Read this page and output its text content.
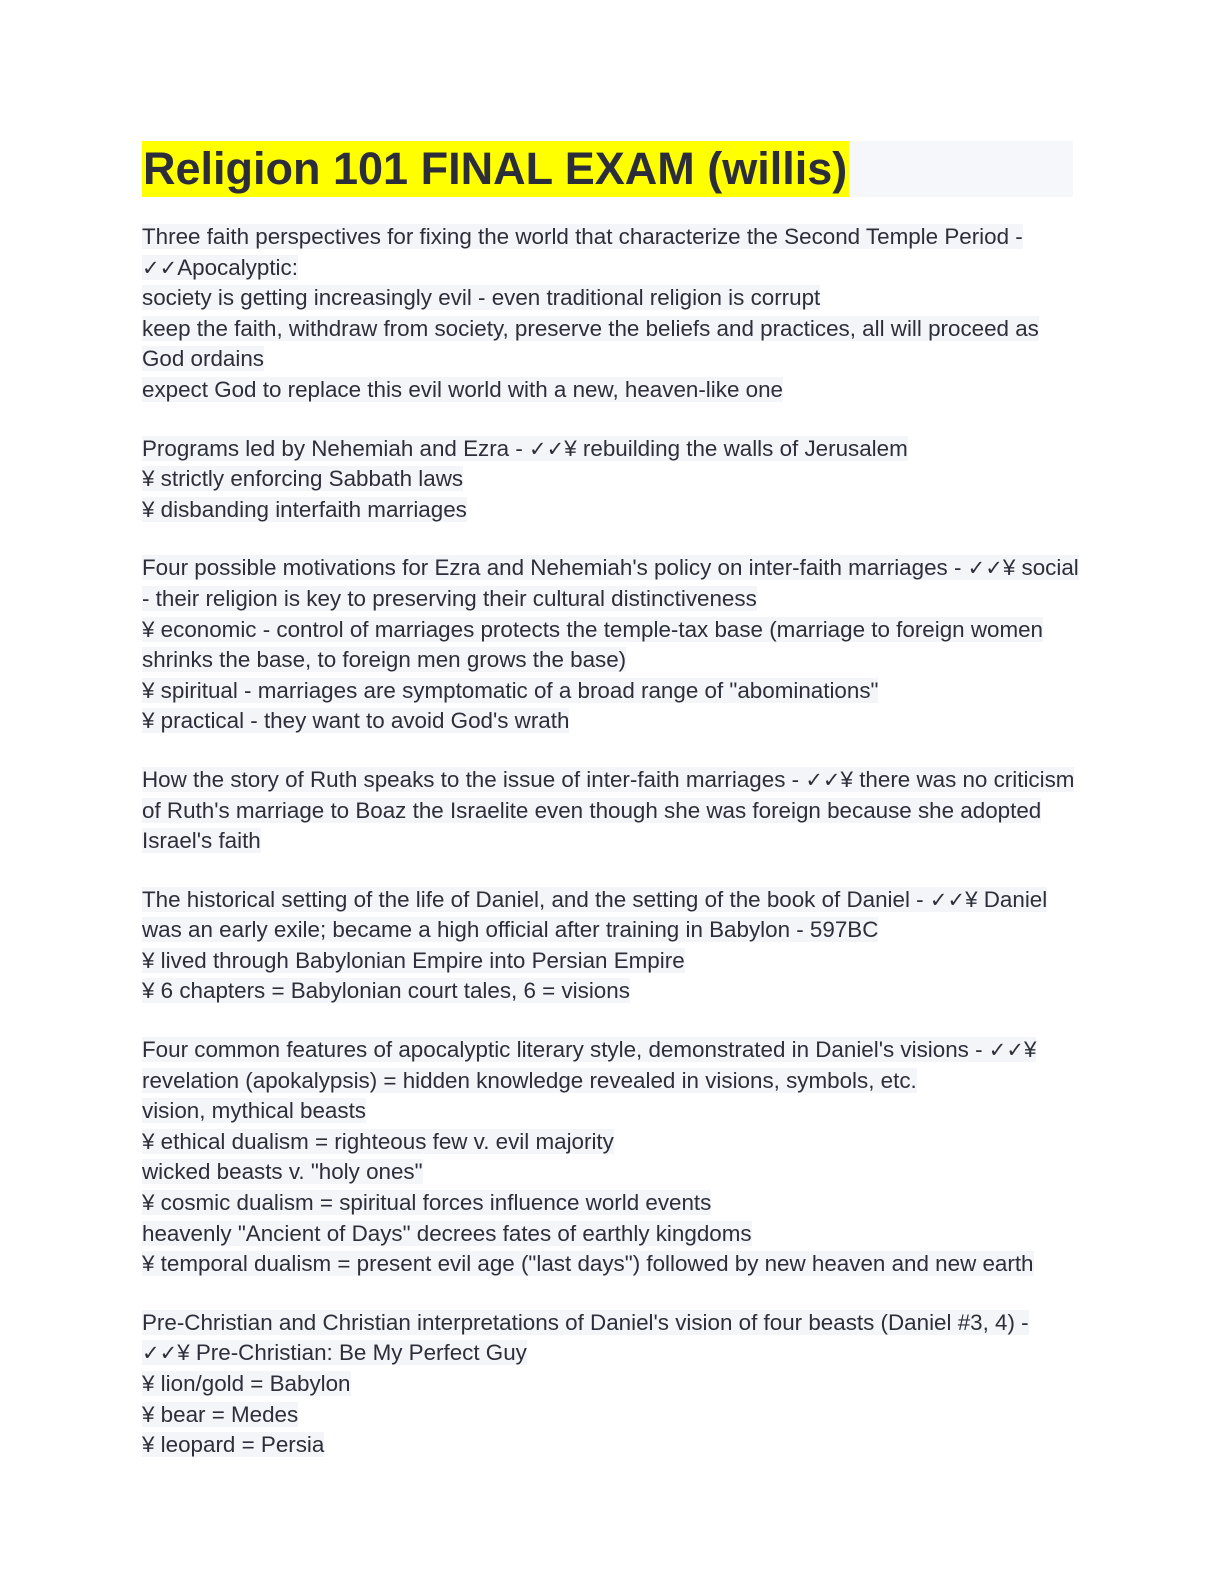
Religion 101 FINAL EXAM (willis)
Three faith perspectives for fixing the world that characterize the Second Temple Period - ✓✓Apocalyptic:
society is getting increasingly evil - even traditional religion is corrupt
keep the faith, withdraw from society, preserve the beliefs and practices, all will proceed as God ordains
expect God to replace this evil world with a new, heaven-like one
Programs led by Nehemiah and Ezra - ✓✓¥ rebuilding the walls of Jerusalem
¥ strictly enforcing Sabbath laws
¥ disbanding interfaith marriages
Four possible motivations for Ezra and Nehemiah's policy on inter-faith marriages - ✓✓¥ social - their religion is key to preserving their cultural distinctiveness
¥ economic - control of marriages protects the temple-tax base (marriage to foreign women shrinks the base, to foreign men grows the base)
¥ spiritual - marriages are symptomatic of a broad range of "abominations"
¥ practical - they want to avoid God's wrath
How the story of Ruth speaks to the issue of inter-faith marriages - ✓✓¥ there was no criticism of Ruth's marriage to Boaz the Israelite even though she was foreign because she adopted Israel's faith
The historical setting of the life of Daniel, and the setting of the book of Daniel - ✓✓¥ Daniel was an early exile; became a high official after training in Babylon - 597BC
¥ lived through Babylonian Empire into Persian Empire
¥ 6 chapters = Babylonian court tales, 6 = visions
Four common features of apocalyptic literary style, demonstrated in Daniel's visions - ✓✓¥ revelation (apokalypsis) = hidden knowledge revealed in visions, symbols, etc.
vision, mythical beasts
¥ ethical dualism = righteous few v. evil majority
wicked beasts v. "holy ones"
¥ cosmic dualism = spiritual forces influence world events
heavenly "Ancient of Days" decrees fates of earthly kingdoms
¥ temporal dualism = present evil age ("last days") followed by new heaven and new earth
Pre-Christian and Christian interpretations of Daniel's vision of four beasts (Daniel #3, 4) - ✓✓¥ Pre-Christian: Be My Perfect Guy
¥ lion/gold = Babylon
¥ bear = Medes
¥ leopard = Persia
